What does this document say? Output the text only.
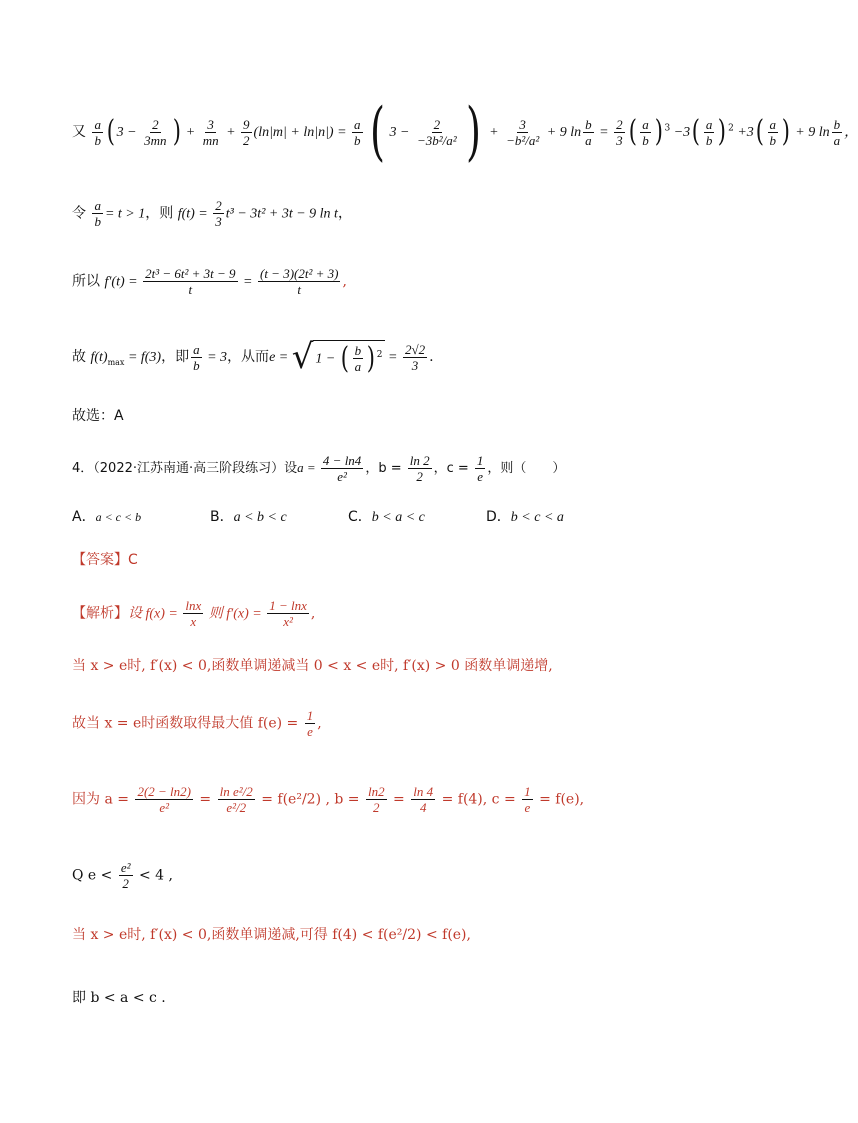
又 $\frac{a}{b}$ ( $3 - \frac{2}{3mn}$ ) + $\frac{3}{mn} + \frac{9}{2} (\ln|m| + \ln|n|) = \frac{a}{b}$ ( $3 - \frac{2}{\text{−3b²/a²}}$ ) + $\frac{3}{\text{−b²/a²}} + 9$ $\ln \frac{b}{a} = \frac{2}{3}$ ( $\frac{a}{b}$ ) $^3 -3( \frac{a}{b}$ ) $^2 +3( \frac{a}{b}$ ) + 9 $\ln \frac{b}{a}$ ，
令 $\frac{a}{b} = t > 1$，则 $f(t) = \frac{2}{3} t^3 - 3t^2 + 3t - 9$ ln t，
所以 $f'(t) = \frac{\text{2t³ − 6t² + 3t − 9}}{t} = \frac{\text{(t − 3)(2t² + 3)}}{t}$ ,
故 $f(t)_{max} = f(3)$，即 $\frac{a}{b} = 3$，从而e = √ 1 − ( $\frac{b}{a}$ ) $^2 = \frac{2√2}{3}$ .
故选：A
4．（2022·江苏南通·高三阶段练习）设$a = \frac{4 - \ln 4}{\text{e²}}$ ，$b = \frac{\ln 2}{2}$ ，$c = \frac{1}{e}$ ，则（　　）
A．a < c < b	B．a < b < c	C．b < a < c	D．b < c < a
【答案】C
【解析】设 $f(x) = \frac{\ln x}{x}$ 则 $f'(x) = \frac{1 - \ln x}{\text{x²}}$ ,
当 x > e时, f′(x) < 0,函数单调递减当 0 < x < e时, f′(x) > 0 函数单调递增,
故当 x = e时函数取得最大值 $f(e) = \frac{1}{e}$ ,
因为 $a = \frac{2(2 - \ln 2)}{\text{e²}} = \frac{\text{ln e²/2}}{\text{e²/2}} = f(e^2/2)$ , $b = \frac{\ln 2}{2} = \frac{\ln 4}{4} = f(4)$, $c = \frac{1}{e} = f(e)$,
Q $e < \frac{\text{e²}}{2} < 4$ ,
当 x > e时, f′(x) < 0,函数单调递减,可得 f(4) < f(e²/2) < f(e),
即 b < a < c .
